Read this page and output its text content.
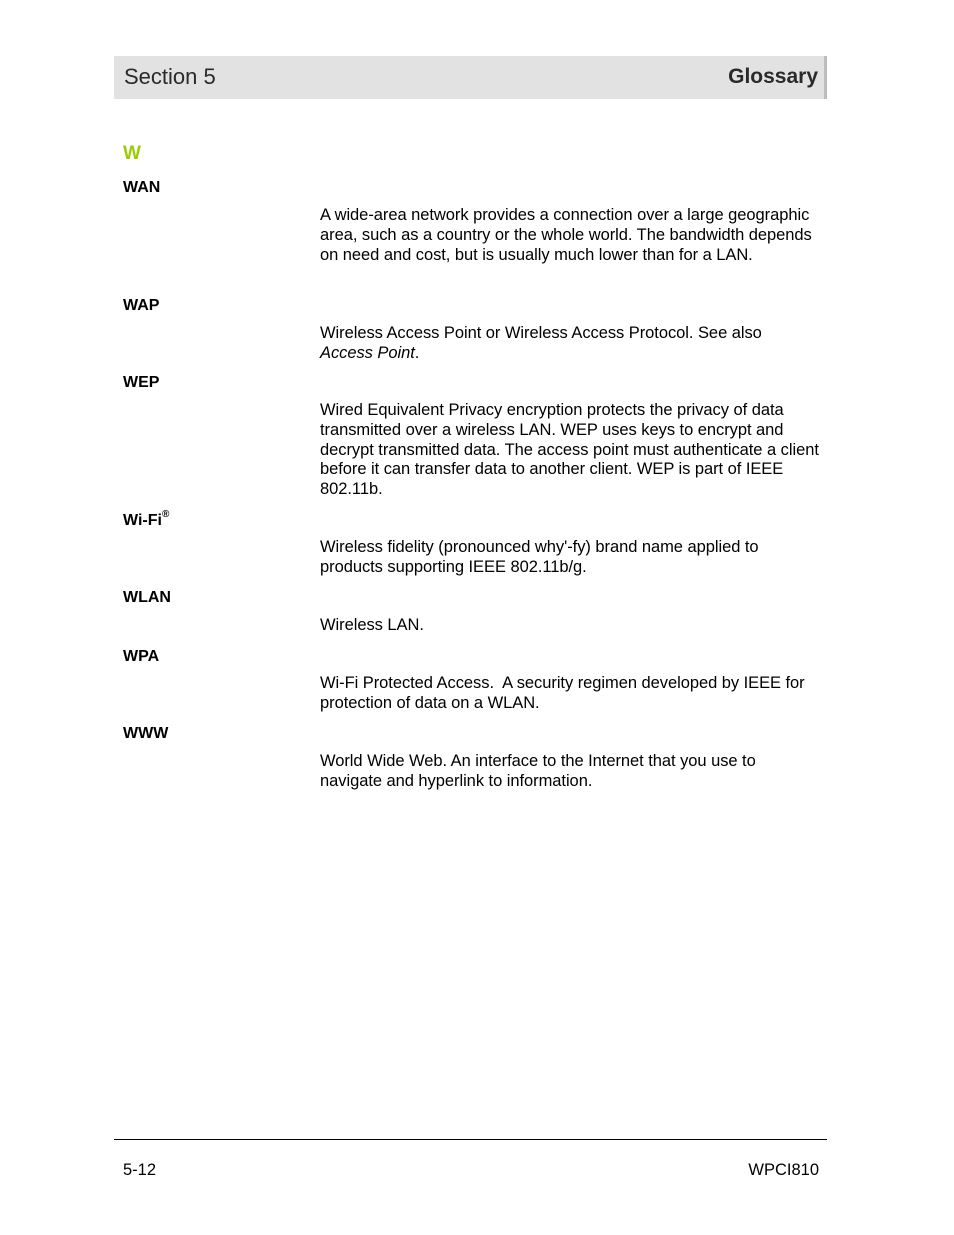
Section 5	Glossary
W
WAN
A wide-area network provides a connection over a large geographic area, such as a country or the whole world. The bandwidth depends on need and cost, but is usually much lower than for a LAN.
WAP
Wireless Access Point or Wireless Access Protocol. See also
Access Point.
WEP
Wired Equivalent Privacy encryption protects the privacy of data transmitted over a wireless LAN. WEP uses keys to encrypt and decrypt transmitted data. The access point must authenticate a client before it can transfer data to another client. WEP is part of IEEE 802.11b.
Wi-Fi®
Wireless fidelity (pronounced why'-fy) brand name applied to products supporting IEEE 802.11b/g.
WLAN
Wireless LAN.
WPA
Wi-Fi Protected Access.  A security regimen developed by IEEE for protection of data on a WLAN.
WWW
World Wide Web. An interface to the Internet that you use to navigate and hyperlink to information.
5-12	WPCI810
